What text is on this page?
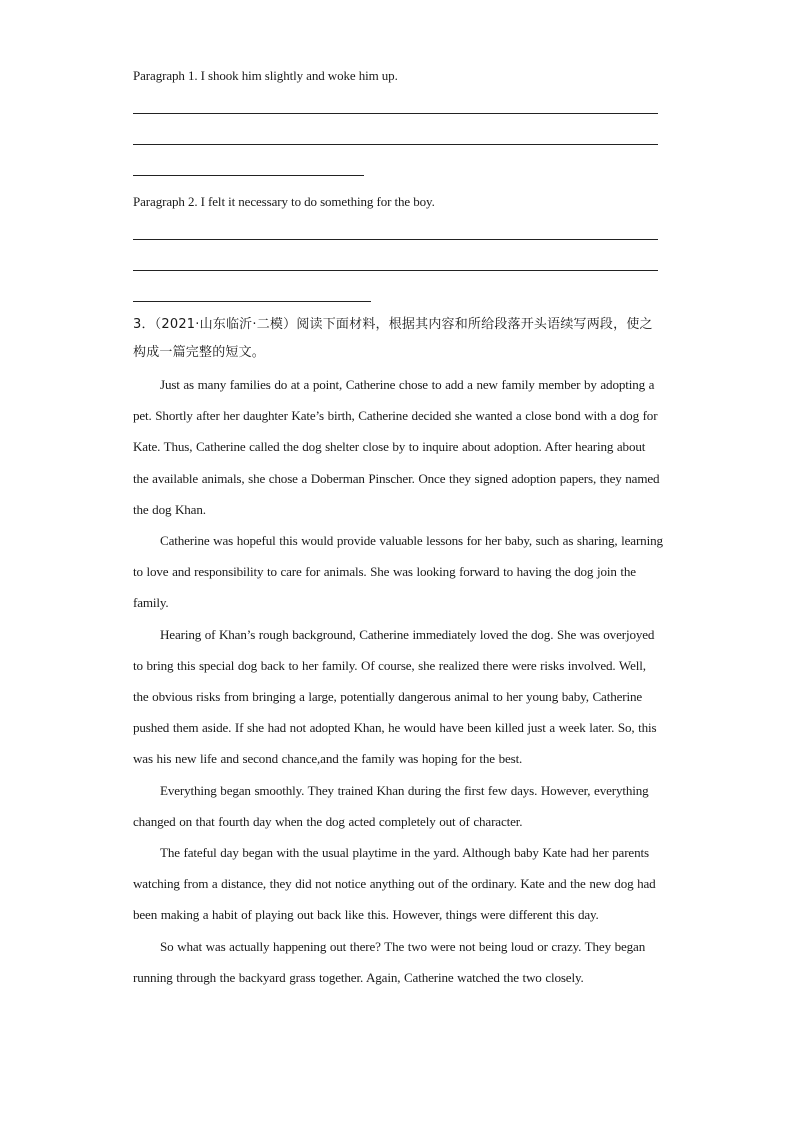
Paragraph 1. I shook him slightly and woke him up.

Paragraph 2. I felt it necessary to do something for the boy.

3．（2021·山东临沂·二模）阅读下面材料，根据其内容和所给段落开头语续写两段，使之构成一篇完整的短文。

Just as many families do at a point, Catherine chose to add a new family member by adopting a pet. Shortly after her daughter Kate’s birth, Catherine decided she wanted a close bond with a dog for Kate. Thus, Catherine called the dog shelter close by to inquire about adoption. After hearing about the available animals, she chose a Doberman Pinscher. Once they signed adoption papers, they named the dog Khan.

Catherine was hopeful this would provide valuable lessons for her baby, such as sharing, learning to love and responsibility to care for animals. She was looking forward to having the dog join the family.

Hearing of Khan’s rough background, Catherine immediately loved the dog. She was overjoyed to bring this special dog back to her family. Of course, she realized there were risks involved. Well, the obvious risks from bringing a large, potentially dangerous animal to her young baby, Catherine pushed them aside. If she had not adopted Khan, he would have been killed just a week later. So, this was his new life and second chance,and the family was hoping for the best.

Everything began smoothly. They trained Khan during the first few days. However, everything changed on that fourth day when the dog acted completely out of character.

The fateful day began with the usual playtime in the yard. Although baby Kate had her parents watching from a distance, they did not notice anything out of the ordinary. Kate and the new dog had been making a habit of playing out back like this. However, things were different this day.

So what was actually happening out there? The two were not being loud or crazy. They began running through the backyard grass together. Again, Catherine watched the two closely.
